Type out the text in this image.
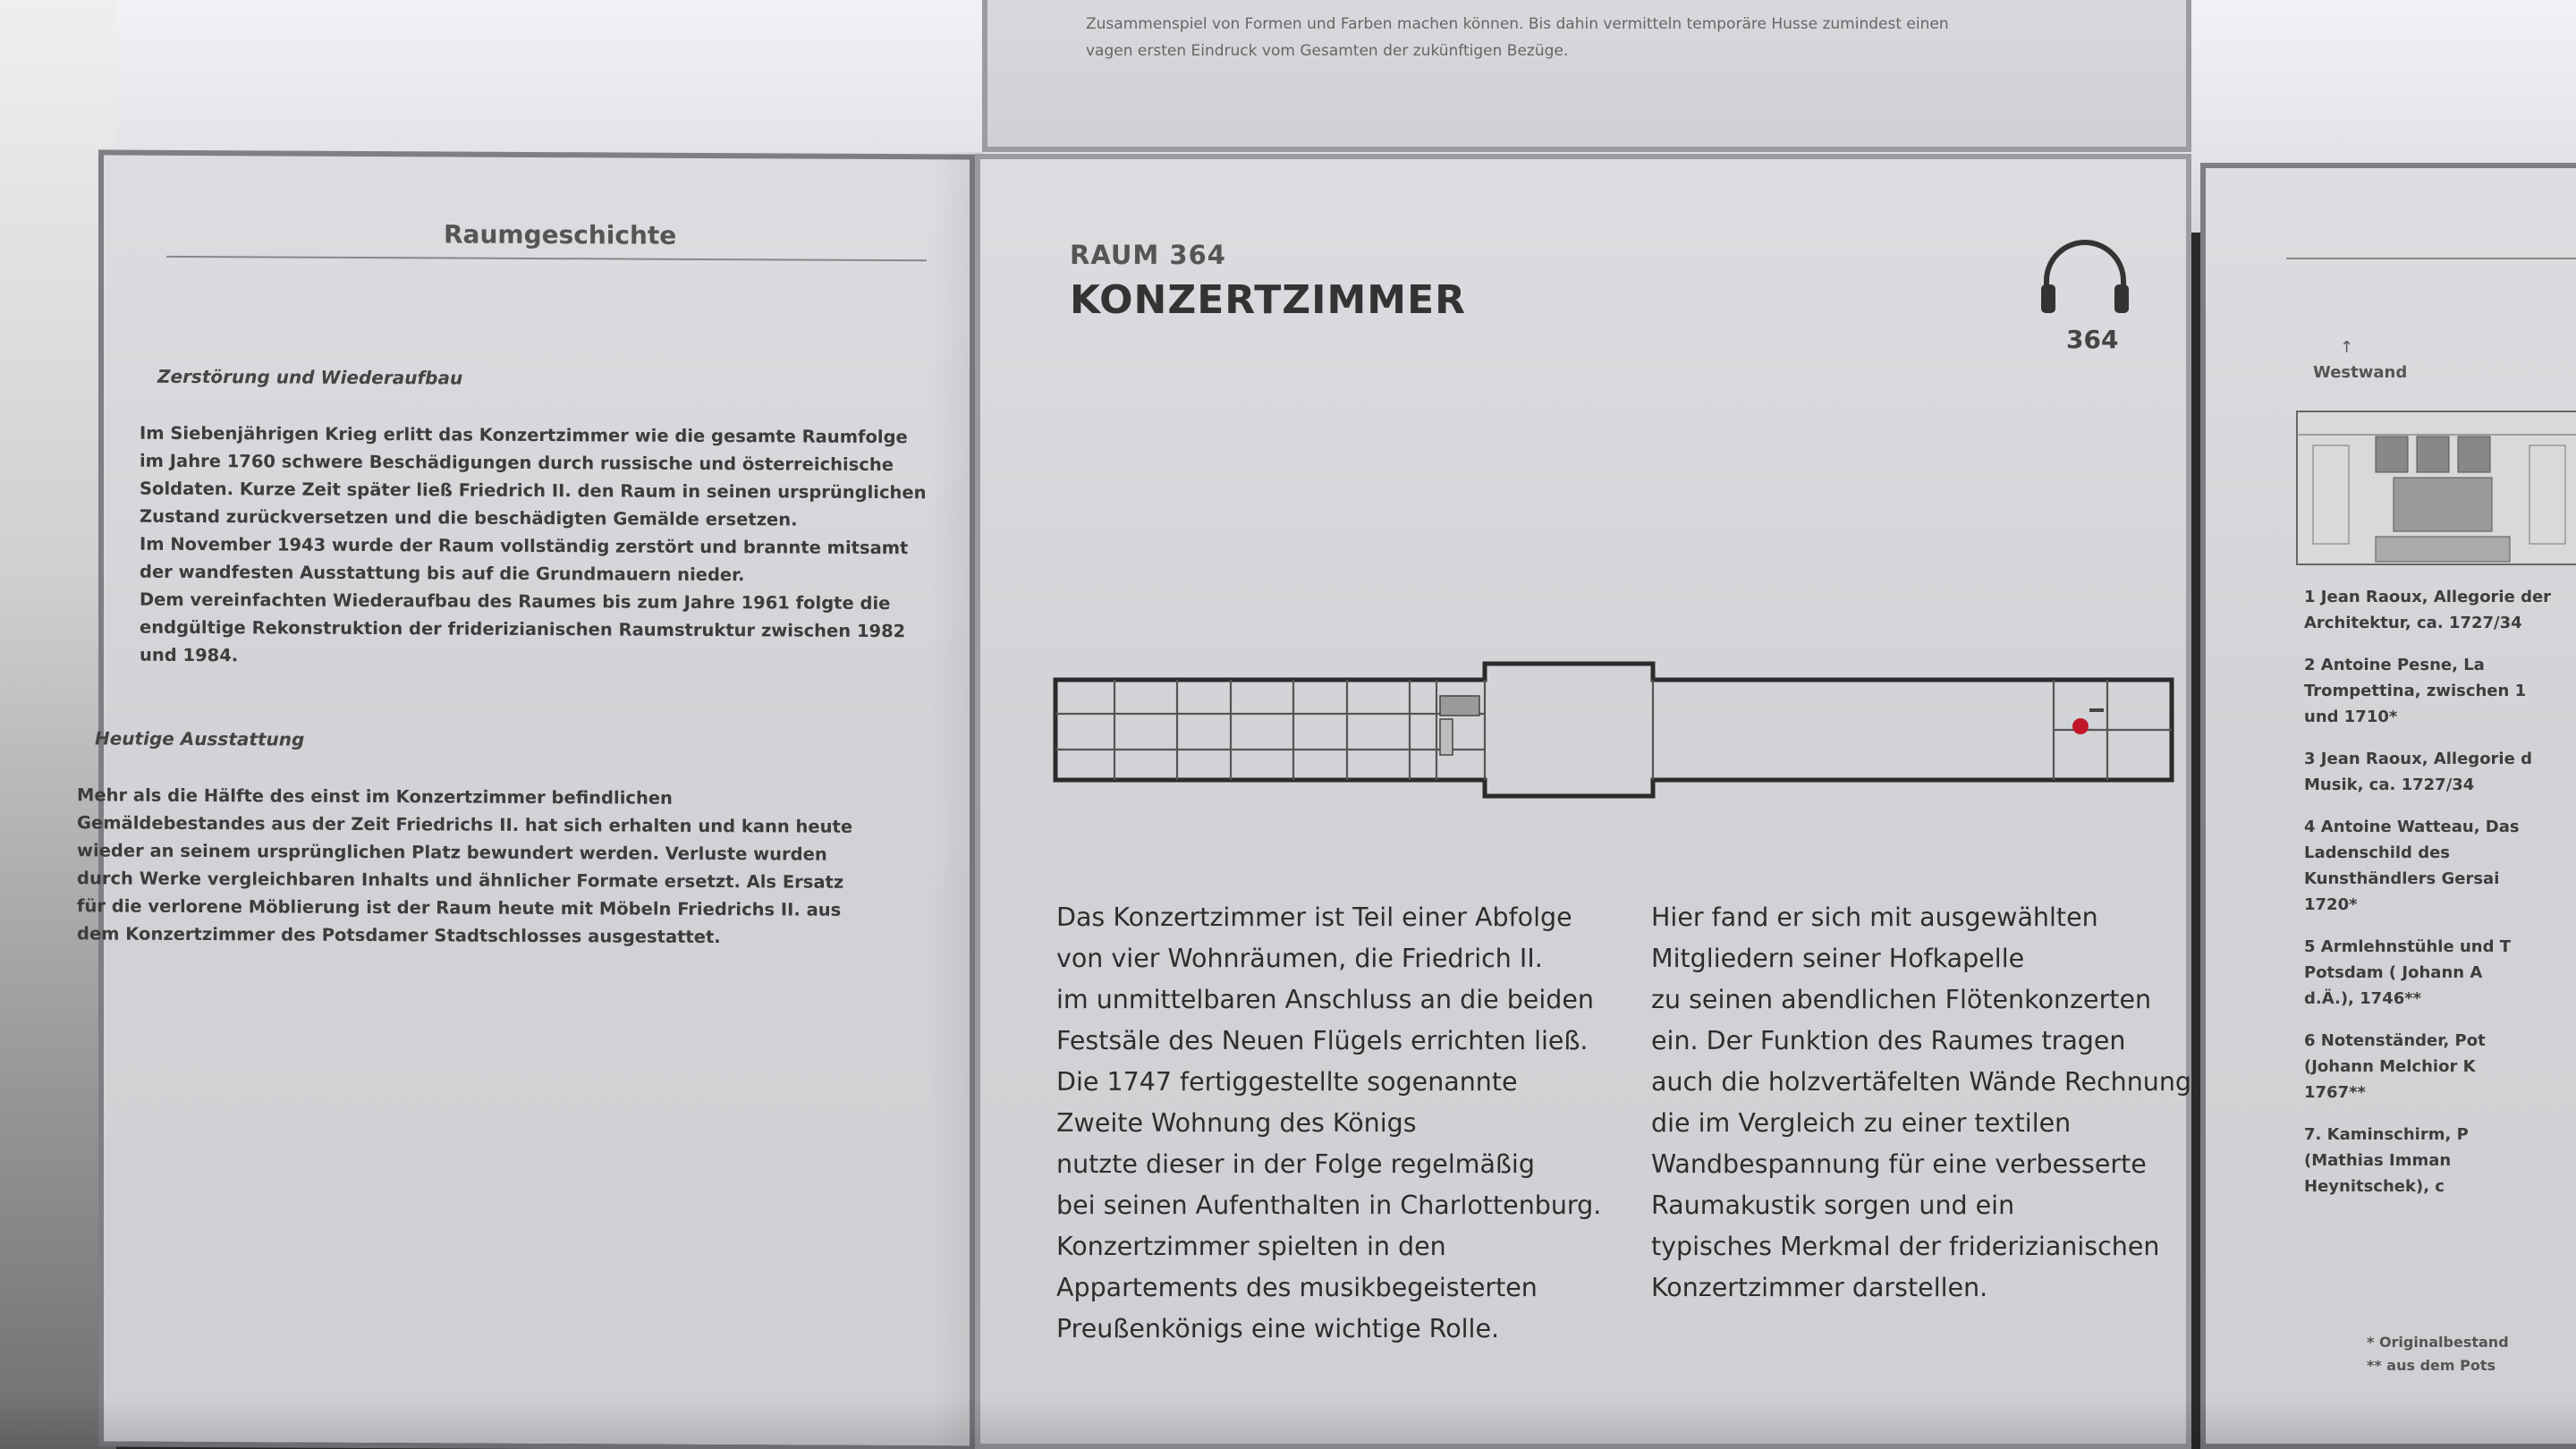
Zusammenspiel von Formen und Farben machen können. Bis dahin vermitteln temporäre Husse zumindest einen
vagen ersten Eindruck vom Gesamten der zukünftigen Bezüge.
Raumgeschichte
Zerstörung und Wiederaufbau
Im Siebenjährigen Krieg erlitt das Konzertzimmer wie die gesamte Raumfolge
im Jahre 1760 schwere Beschädigungen durch russische und österreichische
Soldaten. Kurze Zeit später ließ Friedrich II. den Raum in seinen ursprünglichen
Zustand zurückversetzen und die beschädigten Gemälde ersetzen.
Im November 1943 wurde der Raum vollständig zerstört und brannte mitsamt
der wandfesten Ausstattung bis auf die Grundmauern nieder.
Dem vereinfachten Wiederaufbau des Raumes bis zum Jahre 1961 folgte die
endgültige Rekonstruktion der friderizianischen Raumstruktur zwischen 1982
und 1984.
Heutige Ausstattung
Mehr als die Hälfte des einst im Konzertzimmer befindlichen
Gemäldebestandes aus der Zeit Friedrichs II. hat sich erhalten und kann heute
wieder an seinem ursprünglichen Platz bewundert werden. Verluste wurden
durch Werke vergleichbaren Inhalts und ähnlicher Formate ersetzt. Als Ersatz
für die verlorene Möblierung ist der Raum heute mit Möbeln Friedrichs II. aus
dem Konzertzimmer des Potsdamer Stadtschlosses ausgestattet.
RAUM 364
KONZERTZIMMER
364
Das Konzertzimmer ist Teil einer Abfolge
von vier Wohnräumen, die Friedrich II.
im unmittelbaren Anschluss an die beiden
Festsäle des Neuen Flügels errichten ließ.
Die 1747 fertiggestellte sogenannte
Zweite Wohnung des Königs
nutzte dieser in der Folge regelmäßig
bei seinen Aufenthalten in Charlottenburg.
Konzertzimmer spielten in den
Appartements des musikbegeisterten
Preußenkönigs eine wichtige Rolle.
Hier fand er sich mit ausgewählten
Mitgliedern seiner Hofkapelle
zu seinen abendlichen Flötenkonzerten
ein. Der Funktion des Raumes tragen
auch die holzvertäfelten Wände Rechnung,
die im Vergleich zu einer textilen
Wandbespannung für eine verbesserte
Raumakustik sorgen und ein
typisches Merkmal der friderizianischen
Konzertzimmer darstellen.
↑
Westwand
1 Jean Raoux, Allegorie der
Architektur, ca. 1727/34
2 Antoine Pesne, La
Trompettina, zwischen 1
und 1710*
3 Jean Raoux, Allegorie d
Musik, ca. 1727/34
4 Antoine Watteau, Das
Ladenschild des
Kunsthändlers Gersai
1720*
5 Armlehnstühle und T
Potsdam ( Johann A
d.Ä.), 1746**
6 Notenständer, Pot
(Johann Melchior K
1767**
7. Kaminschirm, P
(Mathias Imman
Heynitschek), c
* Originalbestand
** aus dem Pots
